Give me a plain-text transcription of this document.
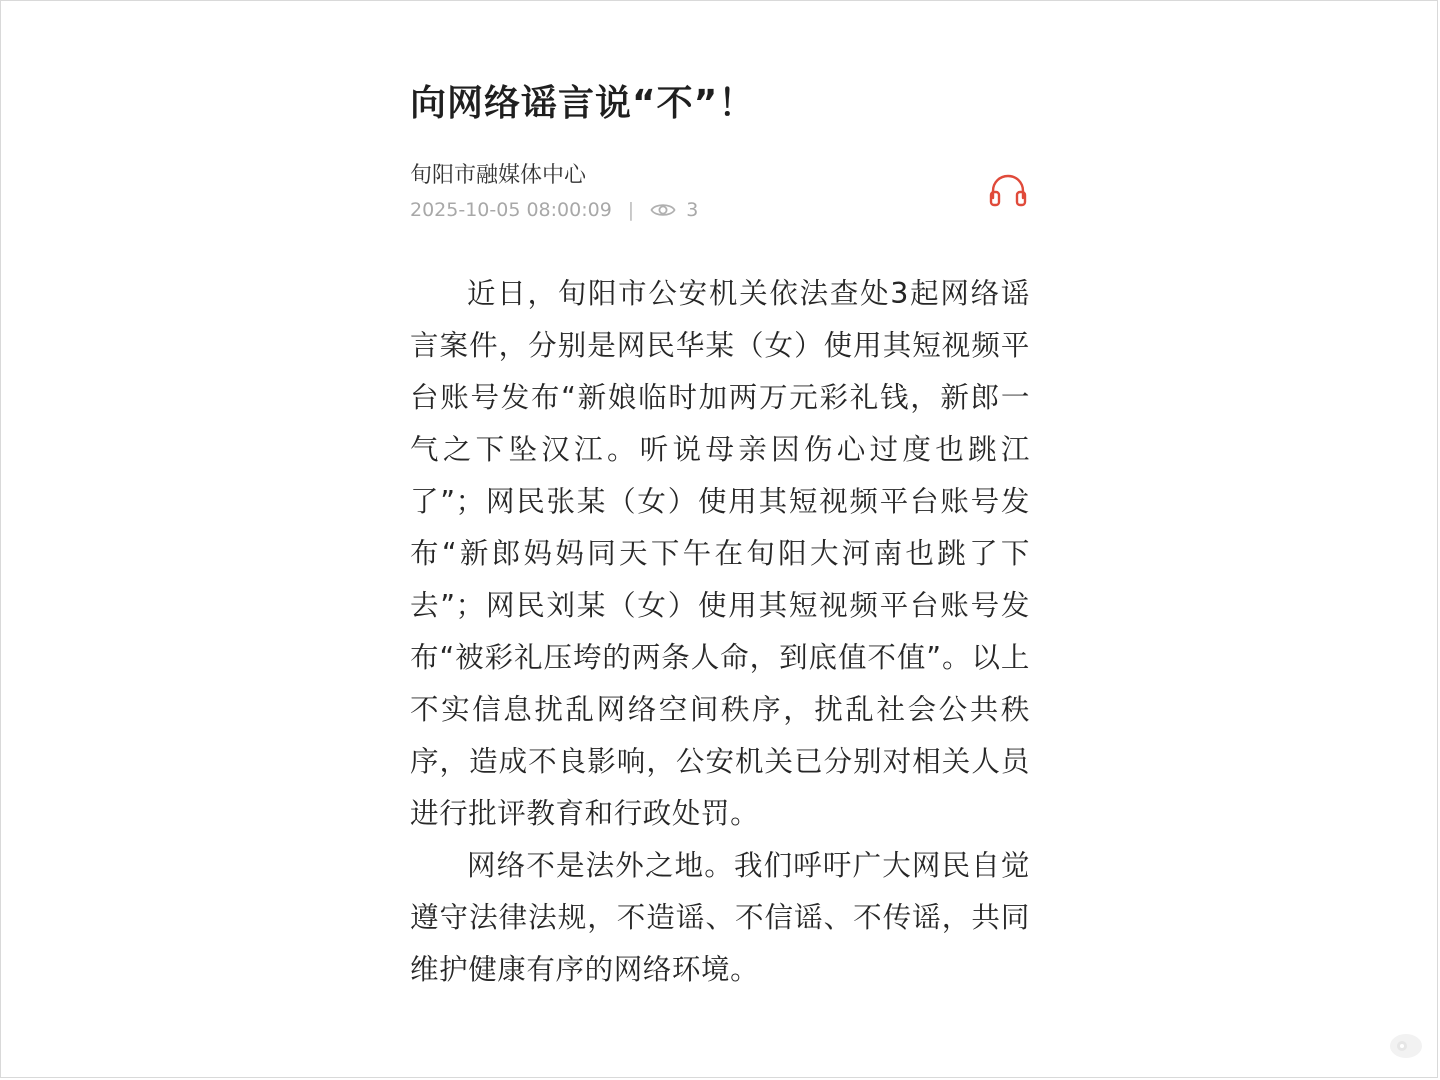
向网络谣言说“不”！
旬阳市融媒体中心
2025-10-05 08:00:09 |	3

近日，旬阳市公安机关依法查处3起网络谣言案件，分别是网民华某（女）使用其短视频平台账号发布“新娘临时加两万元彩礼钱，新郎一气之下坠汉江。听说母亲因伤心过度也跳江了”；网民张某（女）使用其短视频平台账号发布“新郎妈妈同天下午在旬阳大河南也跳了下去”；网民刘某（女）使用其短视频平台账号发布“被彩礼压垮的两条人命，到底值不值”。以上不实信息扰乱网络空间秩序，扰乱社会公共秩序，造成不良影响，公安机关已分别对相关人员进行批评教育和行政处罚。

网络不是法外之地。我们呼吁广大网民自觉遵守法律法规，不造谣、不信谣、不传谣，共同维护健康有序的网络环境。
